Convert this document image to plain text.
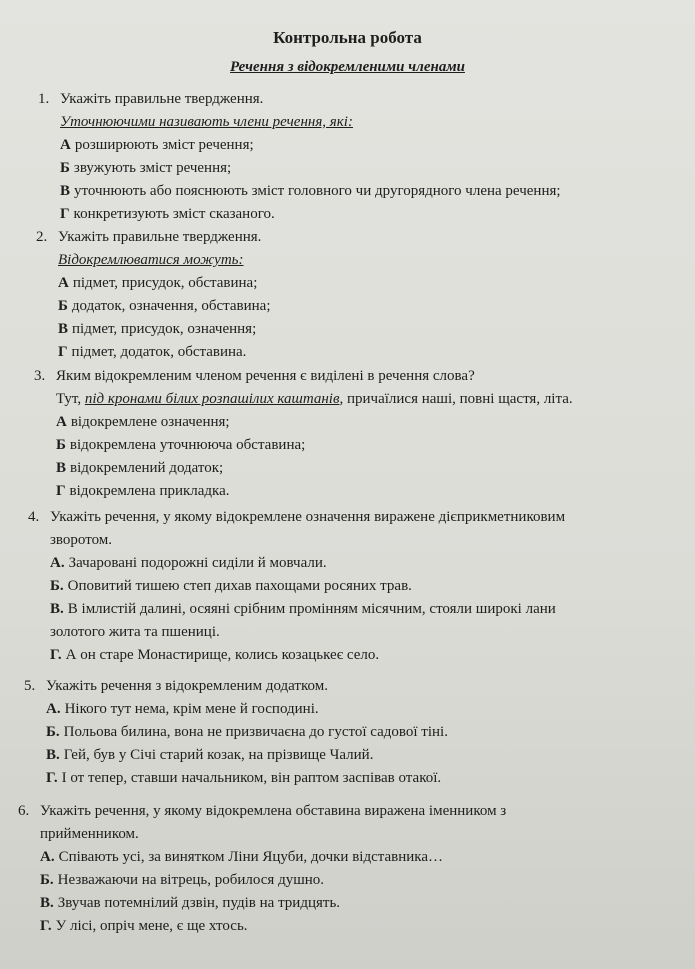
Контрольна робота
Речення з відокремленими членами
1. Укажіть правильне твердження.
Уточнюючими називають члени речення, які:
А розширюють зміст речення;
Б звужують зміст речення;
В уточнюють або пояснюють зміст головного чи другорядного члена речення;
Г конкретизують зміст сказаного.
2. Укажіть правильне твердження.
Відокремлюватися можуть:
А підмет, присудок, обставина;
Б додаток, означення, обставина;
В підмет, присудок, означення;
Г підмет, додаток, обставина.
3. Яким відокремленим членом речення є виділені в речення слова?
Тут, під кронами білих розпашілих каштанів, причаїлися наші, повні щастя, літа.
А відокремлене означення;
Б відокремлена уточнююча обставина;
В відокремлений додаток;
Г відокремлена прикладка.
4. Укажіть речення, у якому відокремлене означення виражене дієприкметниковим
зворотом.
А. Зачаровані подорожні сиділи й мовчали.
Б. Оповитий тишею степ дихав пахощами росяних трав.
В. В імлистій далині, осяяні срібним промінням місячним, стояли широкі лани
золотого жита та пшениці.
Г. А он старе Монастирище, колись козацькеє село.
5. Укажіть речення з відокремленим додатком.
А. Нікого тут нема, крім мене й господині.
Б. Польова билина, вона не призвичаєна до густої садової тіні.
В. Гей, був у Січі старий козак, на прізвище Чалий.
Г. І от тепер, ставши начальником, він раптом заспівав отакої.
6. Укажіть речення, у якому відокремлена обставина виражена іменником з
прийменником.
А. Співають усі, за винятком Ліни Яцуби, дочки відставника…
Б. Незважаючи на вітрець, робилося душно.
В. Звучав потемнілий дзвін, пудів на тридцять.
Г. У лісі, опріч мене, є ще хтось.
